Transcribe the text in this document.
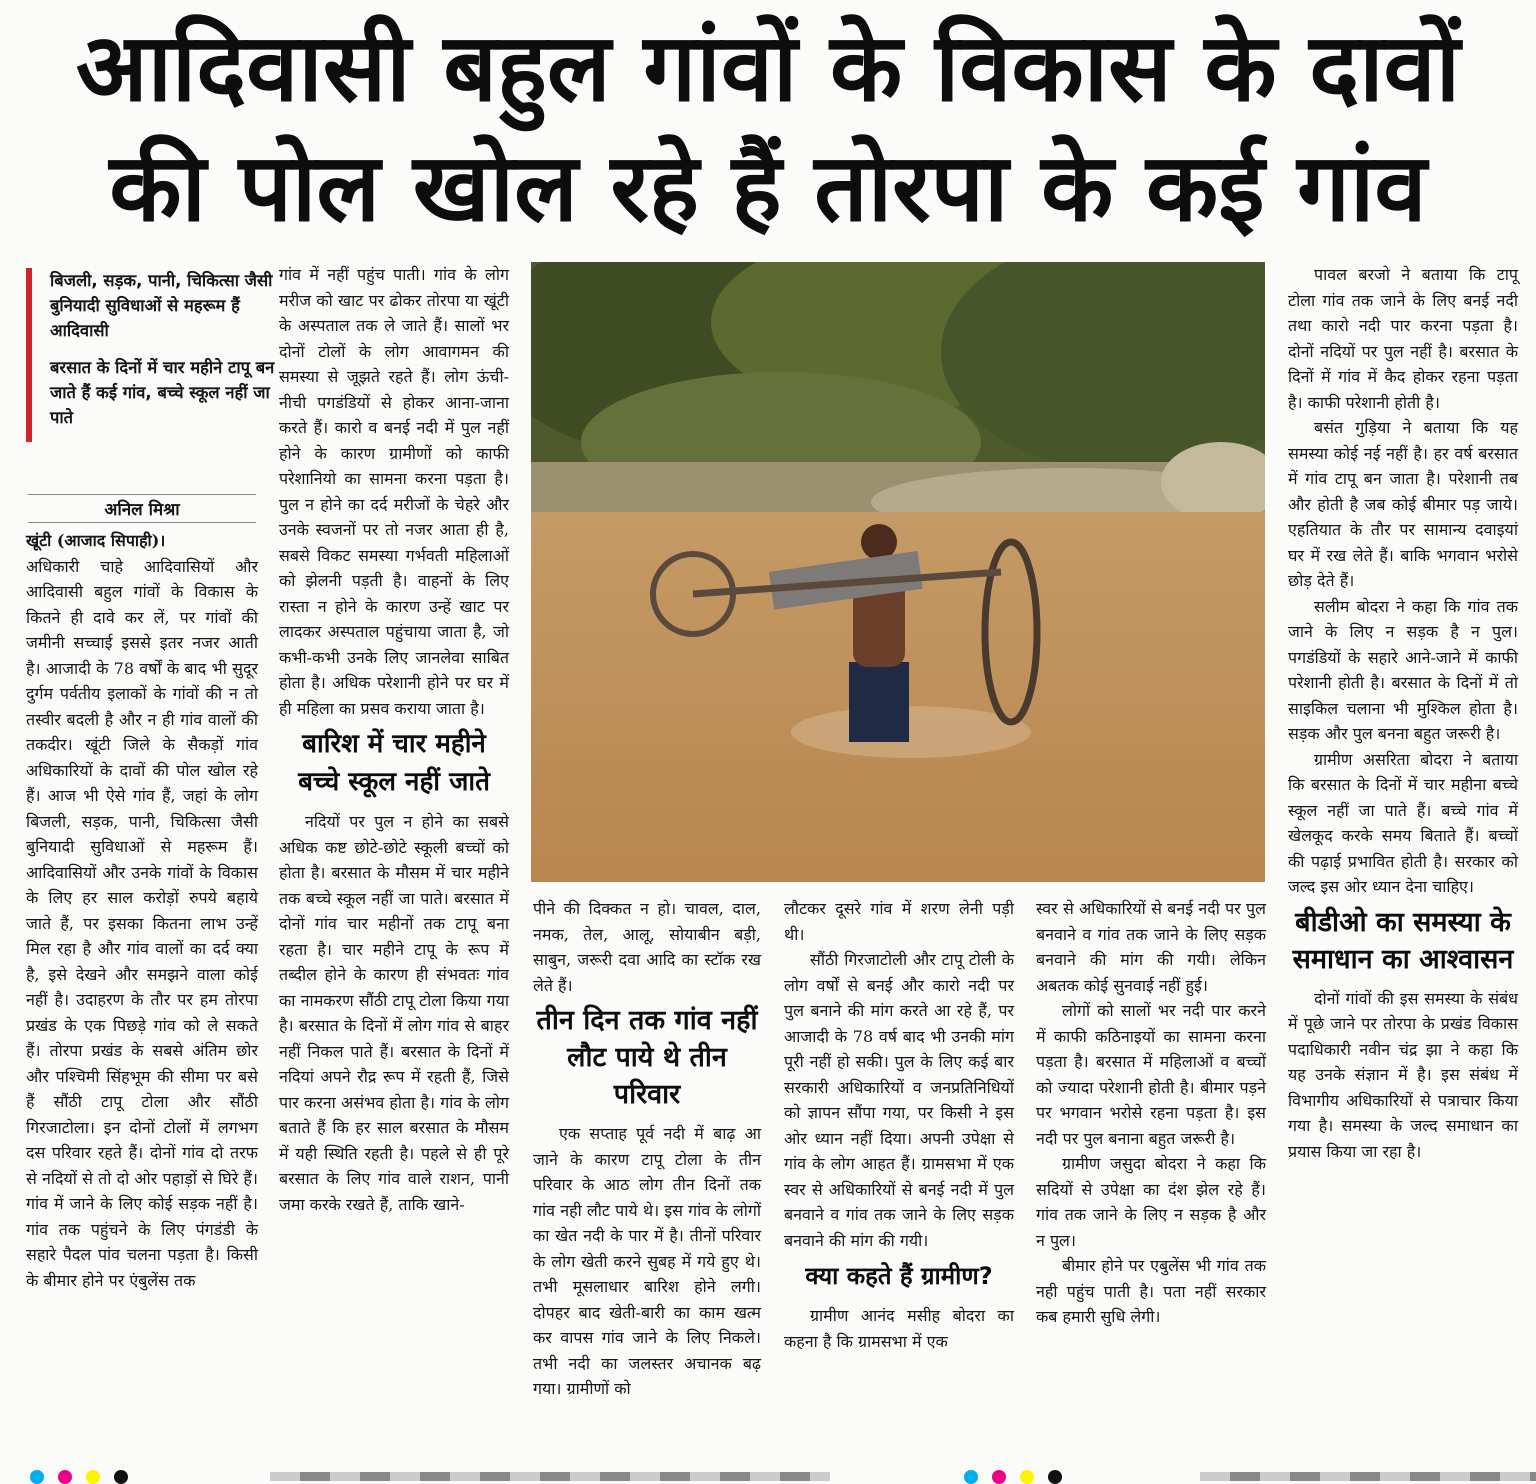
आदिवासी बहुल गांवों के विकास के दावों
की पोल खोल रहे हैं तोरपा के कई गांव
बिजली, सड़क, पानी, चिकित्सा जैसी बुनियादी सुविधाओं से महरूम हैं आदिवासी
बरसात के दिनों में चार महीने टापू बन जाते हैं कई गांव, बच्चे स्कूल नहीं जा पाते
अनिल मिश्रा

खूंटी (आजाद सिपाही)।

अधिकारी चाहे आदिवासियों और आदिवासी बहुल गांवों के विकास के कितने ही दावे कर लें, पर गांवों की जमीनी सच्चाई इससे इतर नजर आती है। आजादी के 78 वर्षों के बाद भी सुदूर दुर्गम पर्वतीय इलाकों के गांवों की न तो तस्वीर बदली है और न ही गांव वालों की तकदीर। खूंटी जिले के सैकड़ों गांव अधिकारियों के दावों की पोल खोल रहे हैं। आज भी ऐसे गांव हैं, जहां के लोग बिजली, सड़क, पानी, चिकित्सा जैसी बुनियादी सुविधाओं से महरूम हैं। आदिवासियों और उनके गांवों के विकास के लिए हर साल करोड़ों रुपये बहाये जाते हैं, पर इसका कितना लाभ उन्हें मिल रहा है और गांव वालों का दर्द क्या है, इसे देखने और समझने वाला कोई नहीं है। उदाहरण के तौर पर हम तोरपा प्रखंड के एक पिछड़े गांव को ले सकते हैं। तोरपा प्रखंड के सबसे अंतिम छोर और पश्चिमी सिंहभूम की सीमा पर बसे हैं सौंठी टापू टोला और सौंठी गिरजाटोला। इन दोनों टोलों में लगभग दस परिवार रहते हैं। दोनों गांव दो तरफ से नदियों से तो दो ओर पहाड़ों से घिरे हैं। गांव में जाने के लिए कोई सड़क नहीं है। गांव तक पहुंचने के लिए पंगडंडी के सहारे पैदल पांव चलना पड़ता है। किसी के बीमार होने पर एंबुलेंस तक

गांव में नहीं पहुंच पाती। गांव के लोग मरीज को खाट पर ढोकर तोरपा या खूंटी के अस्पताल तक ले जाते हैं। सालों भर दोनों टोलों के लोग आवागमन की समस्या से जूझते रहते हैं। लोग ऊंची-नीची पगडंडियों से होकर आना-जाना करते हैं। कारो व बनई नदी में पुल नहीं होने के कारण ग्रामीणों को काफी परेशानियो का सामना करना पड़ता है। पुल न होने का दर्द मरीजों के चेहरे और उनके स्वजनों पर तो नजर आता ही है, सबसे विकट समस्या गर्भवती महिलाओं को झेलनी पड़ती है। वाहनों के लिए रास्ता न होने के कारण उन्हें खाट पर लादकर अस्पताल पहुंचाया जाता है, जो कभी-कभी उनके लिए जानलेवा साबित होता है। अधिक परेशानी होने पर घर में ही महिला का प्रसव कराया जाता है।

बारिश में चार महीने बच्चे स्कूल नहीं जाते

नदियों पर पुल न होने का सबसे अधिक कष्ट छोटे-छोटे स्कूली बच्चों को होता है। बरसात के मौसम में चार महीने तक बच्चे स्कूल नहीं जा पाते। बरसात में दोनों गांव चार महीनों तक टापू बना रहता है। चार महीने टापू के रूप में तब्दील होने के कारण ही संभवतः गांव का नामकरण सौंठी टापू टोला किया गया है। बरसात के दिनों में लोग गांव से बाहर नहीं निकल पाते हैं। बरसात के दिनों में नदियां अपने रौद्र रूप में रहती हैं, जिसे पार करना असंभव होता है। गांव के लोग बताते हैं कि हर साल बरसात के मौसम में यही स्थिति रहती है। पहले से ही पूरे बरसात के लिए गांव वाले राशन, पानी जमा करके रखते हैं, ताकि खाने-

पीने की दिक्कत न हो। चावल, दाल, नमक, तेल, आलू, सोयाबीन बड़ी, साबुन, जरूरी दवा आदि का स्टॉक रख लेते हैं।

तीन दिन तक गांव नहीं लौट पाये थे तीन परिवार

एक सप्ताह पूर्व नदी में बाढ़ आ जाने के कारण टापू टोला के तीन परिवार के आठ लोग तीन दिनों तक गांव नही लौट पाये थे। इस गांव के लोगों का खेत नदी के पार में है। तीनों परिवार के लोग खेती करने सुबह में गये हुए थे। तभी मूसलाधार बारिश होने लगी। दोपहर बाद खेती-बारी का काम खत्म कर वापस गांव जाने के लिए निकले। तभी नदी का जलस्तर अचानक बढ़ गया। ग्रामीणों को

लौटकर दूसरे गांव में शरण लेनी पड़ी थी।

सौंठी गिरजाटोली और टापू टोली के लोग वर्षों से बनई और कारो नदी पर पुल बनाने की मांग करते आ रहे हैं, पर आजादी के 78 वर्ष बाद भी उनकी मांग पूरी नहीं हो सकी। पुल के लिए कई बार सरकारी अधिकारियों व जनप्रतिनिधियों को ज्ञापन सौंपा गया, पर किसी ने इस ओर ध्यान नहीं दिया। अपनी उपेक्षा से गांव के लोग आहत हैं। ग्रामसभा में एक स्वर से अधिकारियों से बनई नदी में पुल बनवाने व गांव तक जाने के लिए सड़क बनवाने की मांग की गयी।

क्या कहते हैं ग्रामीण?

ग्रामीण आनंद मसीह बोदरा का कहना है कि ग्रामसभा में एक

स्वर से अधिकारियों से बनई नदी पर पुल बनवाने व गांव तक जाने के लिए सड़क बनवाने की मांग की गयी। लेकिन अबतक कोई सुनवाई नहीं हुई।

लोगों को सालों भर नदी पार करने में काफी कठिनाइयों का सामना करना पड़ता है। बरसात में महिलाओं व बच्चों को ज्यादा परेशानी होती है। बीमार पड़ने पर भगवान भरोसे रहना पड़ता है। इस नदी पर पुल बनाना बहुत जरूरी है।

ग्रामीण जसुदा बोदरा ने कहा कि सदियों से उपेक्षा का दंश झेल रहे हैं। गांव तक जाने के लिए न सड़क है और न पुल।

बीमार होने पर एबुलेंस भी गांव तक नही पहुंच पाती है। पता नहीं सरकार कब हमारी सुधि लेगी।

पावल बरजो ने बताया कि टापू टोला गांव तक जाने के लिए बनई नदी तथा कारो नदी पार करना पड़ता है। दोनों नदियों पर पुल नहीं है। बरसात के दिनों में गांव में कैद होकर रहना पड़ता है। काफी परेशानी होती है।

बसंत गुड़िया ने बताया कि यह समस्या कोई नई नहीं है। हर वर्ष बरसात में गांव टापू बन जाता है। परेशानी तब और होती है जब कोई बीमार पड़ जाये। एहतियात के तौर पर सामान्य दवाइयां घर में रख लेते हैं। बाकि भगवान भरोसे छोड़ देते हैं।

सलीम बोदरा ने कहा कि गांव तक जाने के लिए न सड़क है न पुल। पगडंडियों के सहारे आने-जाने में काफी परेशानी होती है। बरसात के दिनों में तो साइकिल चलाना भी मुश्किल होता है। सड़क और पुल बनना बहुत जरूरी है।

ग्रामीण असरिता बोदरा ने बताया कि बरसात के दिनों में चार महीना बच्चे स्कूल नहीं जा पाते हैं। बच्चे गांव में खेलकूद करके समय बिताते हैं। बच्चों की पढ़ाई प्रभावित होती है। सरकार को जल्द इस ओर ध्यान देना चाहिए।

बीडीओ का समस्या के समाधान का आश्वासन

दोनों गांवों की इस समस्या के संबंध में पूछे जाने पर तोरपा के प्रखंड विकास पदाधिकारी नवीन चंद्र झा ने कहा कि यह उनके संज्ञान में है। इस संबंध में विभागीय अधिकारियों से पत्राचार किया गया है। समस्या के जल्द समाधान का प्रयास किया जा रहा है।
